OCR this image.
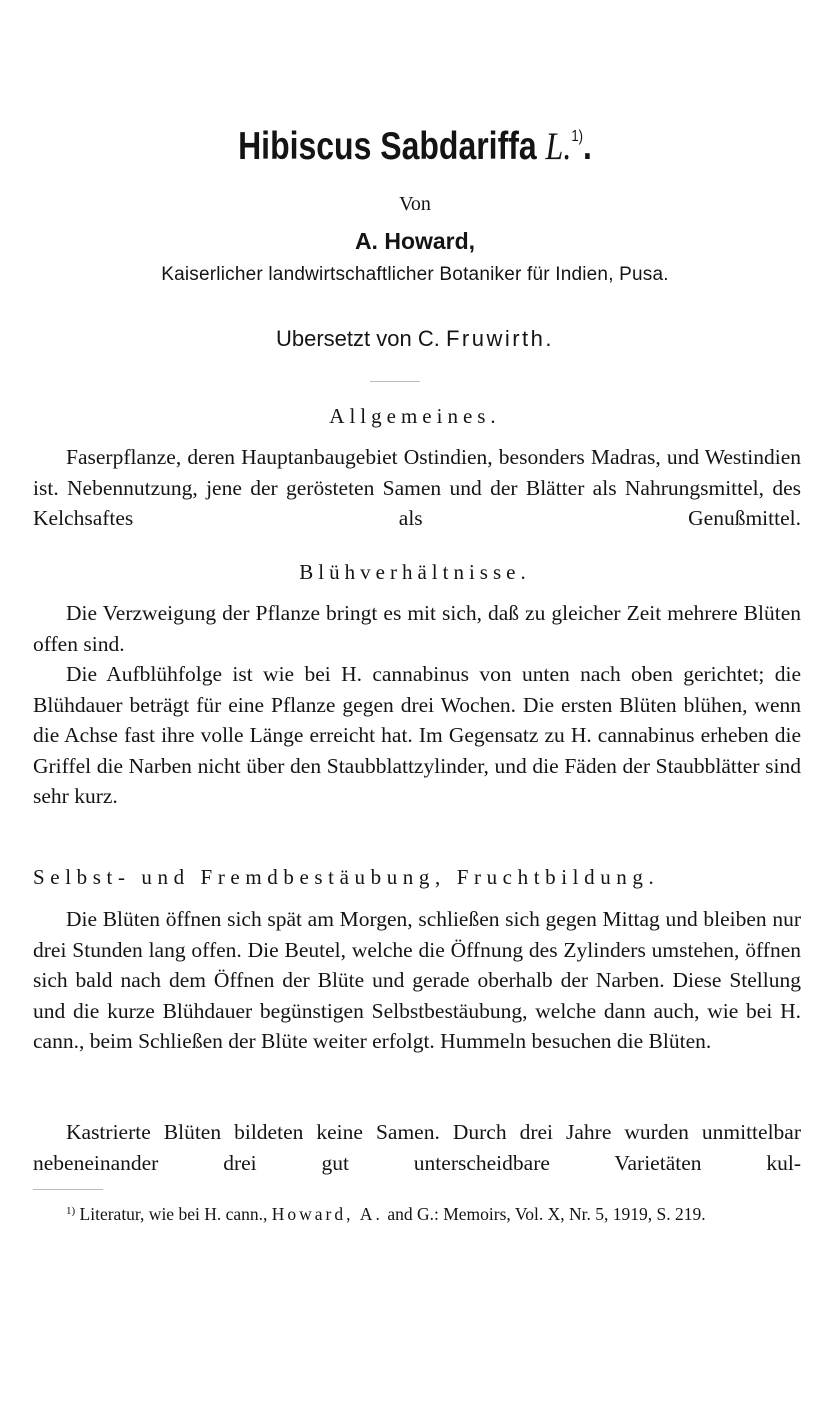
Hibiscus Sabdariffa L.$^{1)}$.
Von
A. Howard,
Kaiserlicher landwirtschaftlicher Botaniker für Indien, Pusa.
Ubersetzt von C. Fruwirth.
Allgemeines.
Faserpflanze, deren Hauptanbaugebiet Ostindien, besonders Madras, und Westindien ist. Nebennutzung, jene der gerösteten Samen und der Blätter als Nahrungsmittel, des Kelchsaftes als Genußmittel.
Blühverhältnisse.
Die Verzweigung der Pflanze bringt es mit sich, daß zu gleicher Zeit mehrere Blüten offen sind.
Die Aufblühfolge ist wie bei H. cannabinus von unten nach oben gerichtet; die Blühdauer beträgt für eine Pflanze gegen drei Wochen. Die ersten Blüten blühen, wenn die Achse fast ihre volle Länge erreicht hat. Im Gegensatz zu H. cannabinus erheben die Griffel die Narben nicht über den Staubblattzylinder, und die Fäden der Staubblätter sind sehr kurz.
Selbst- und Fremdbestäubung, Fruchtbildung.
Die Blüten öffnen sich spät am Morgen, schließen sich gegen Mittag und bleiben nur drei Stunden lang offen. Die Beutel, welche die Öffnung des Zylinders umstehen, öffnen sich bald nach dem Öffnen der Blüte und gerade oberhalb der Narben. Diese Stellung und die kurze Blühdauer begünstigen Selbstbestäubung, welche dann auch, wie bei H. cann., beim Schließen der Blüte weiter erfolgt. Hummeln besuchen die Blüten.
Kastrierte Blüten bildeten keine Samen. Durch drei Jahre wurden unmittelbar nebeneinander drei gut unterscheidbare Varietäten kul-
$^{1)}$ Literatur, wie bei H. cann., Howard, A. and G.: Memoirs, Vol. X, Nr. 5, 1919, S. 219.
